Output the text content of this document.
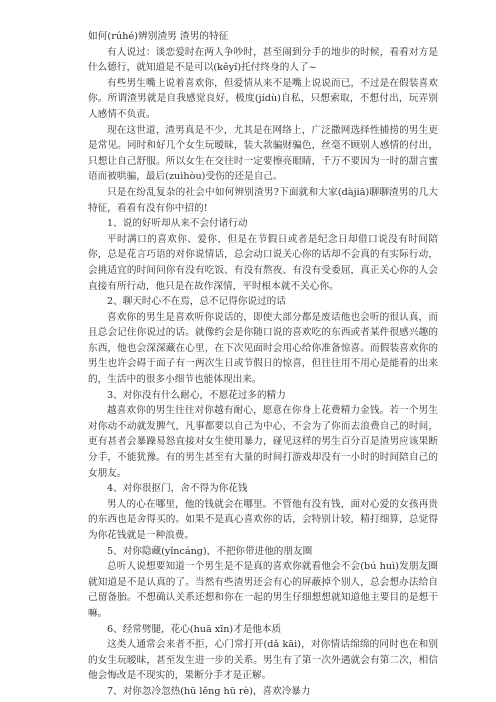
如何(rúhé)辨别渣男 渣男的特征

有人说过：谈恋爱时在两人争吵时，甚至闹到分手的地步的时候，看看对方是什么德行，就知道是不是可以(kěyǐ)托付终身的人了~

有些男生嘴上说着喜欢你，但爱情从来不是嘴上说说而已，不过是在假装喜欢你。所谓渣男就是自我感觉良好，极度(jídù)自私，只想索取，不想付出，玩弄别人感情不负责。

现在这世道，渣男真是不少，尤其是在网络上，广泛撒网选择性捕捞的男生更是常见。同时和好几个女生玩暧昧，装大款骗财骗色，丝毫不顾别人感情的付出，只想让自己舒服。所以女生在交往时一定要擦亮眼睛，千万不要因为一时的甜言蜜语而被哄骗，最后(zuìhòu)受伤的还是自己。

只是在纷乱复杂的社会中如何辨别渣男?下面就和大家(dàjiā)聊聊渣男的几大特征，看看有没有你中招的!

1、说的好听却从来不会付诸行动

平时满口的喜欢你、爱你，但是在节假日或者是纪念日却借口说没有时间陪你，总是花言巧语的对你说情话，总会动口说关心你的话却不会真的有实际行动，会挑适宜的时间问你有没有吃饭、有没有熬夜、有没有受委屈，真正关心你的人会直接有所行动，他只是在故作深情，平时根本就不关心你。

2、聊天时心不在焉，总不记得你说过的话

喜欢你的男生是喜欢听你说话的，即使大部分都是废话他也会听的很认真，而且总会记住你说过的话。就像约会是你随口说的喜欢吃的东西或者某件很感兴趣的东西，他也会深深藏在心里，在下次见面时会用心给你准备惊喜。而假装喜欢你的男生也许会碍于面子有一两次生日或节假日的惊喜，但往往用不用心是能看的出来的，生活中的很多小细节也能体现出来。

3、对你没有什么耐心，不愿花过多的精力

越喜欢你的男生往往对你越有耐心，愿意在你身上花费精力金钱。若一个男生对你动不动就发脾气，凡事都要以自己为中心，不会为了你而去浪费自己的时间，更有甚者会暴躁易怒直接对女生使用暴力，碰见这样的男生百分百是渣男应该果断分手，不能犹豫。有的男生甚至有大量的时间打游戏却没有一小时的时间陪自己的女朋友。

4、对你很抠门，舍不得为你花钱

男人的心在哪里，他的钱就会在哪里。不管他有没有钱，面对心爱的女孩再贵的东西也是舍得买的。如果不是真心喜欢你的话，会特别计较，精打细算，总觉得为你花钱就是一种浪费。

5、对你隐藏(yǐncáng)，不把你带进他的朋友圈

总听人说想要知道一个男生是不是真的喜欢你就看他会不会(bú huì)发朋友圈就知道是不是认真的了。当然有些渣男还会有心的屏蔽掉个别人，总会想办法给自己留备胎。不想确认关系还想和你在一起的男生仔细想想就知道他主要目的是想干嘛。

6、经常劈腿，花心(huā xīn)才是他本质

这类人通常会来者不拒，心门常打开(dǎ kāi)，对你情话绵绵的同时也在和别的女生玩暧昧，甚至发生进一步的关系。男生有了第一次外遇就会有第二次，相信他会悔改是不现实的，果断分手才是正解。

7、对你忽冷忽热(hū lěng hū rè)，喜欢冷暴力
